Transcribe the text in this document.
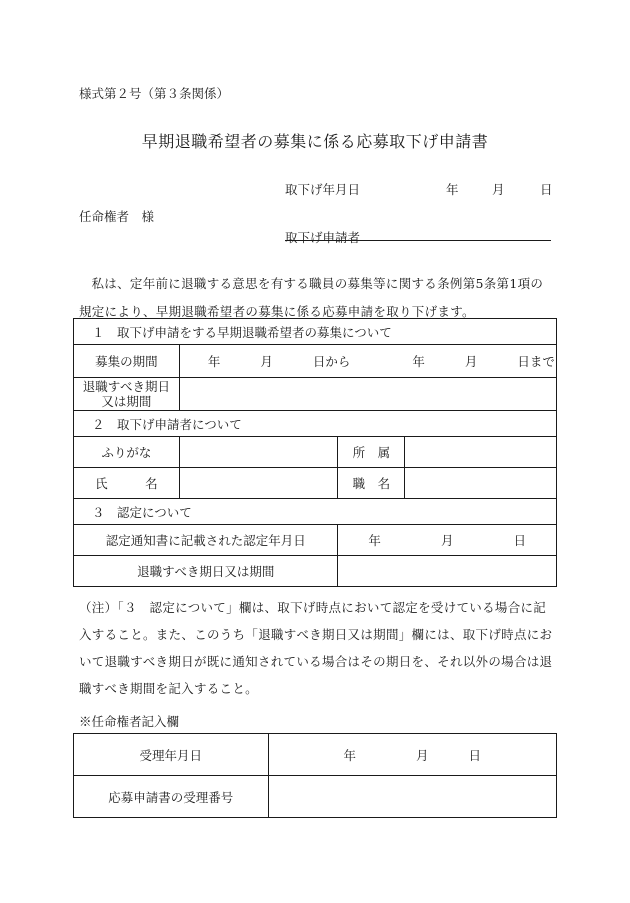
様式第２号（第３条関係）
早期退職希望者の募集に係る応募取下げ申請書
取下げ年月日	年	月	日
任命権者　様
取下げ申請者
私は、定年前に退職する意思を有する職員の募集等に関する条例第5条第1項の規定により、早期退職希望者の募集に係る応募申請を取り下げます。
１　取下げ申請をする早期退職希望者の募集について			
募集の期間	年 月 日から 年 月 日まで		

退職すべき期日
又は期間			

２　取下げ申請者について			
ふりがな		所　属	
氏　　　名		職　名	
３　認定について			
認定通知書に記載された認定年月日		年 月 日	
退職すべき期日又は期間			
（注）「３　認定について」欄は、取下げ時点において認定を受けている場合に記入すること。また、このうち「退職すべき期日又は期間」欄には、取下げ時点において退職すべき期日が既に通知されている場合はその期日を、それ以外の場合は退職すべき期間を記入すること。
※任命権者記入欄
受理年月日	年 月 日
応募申請書の受理番号	
